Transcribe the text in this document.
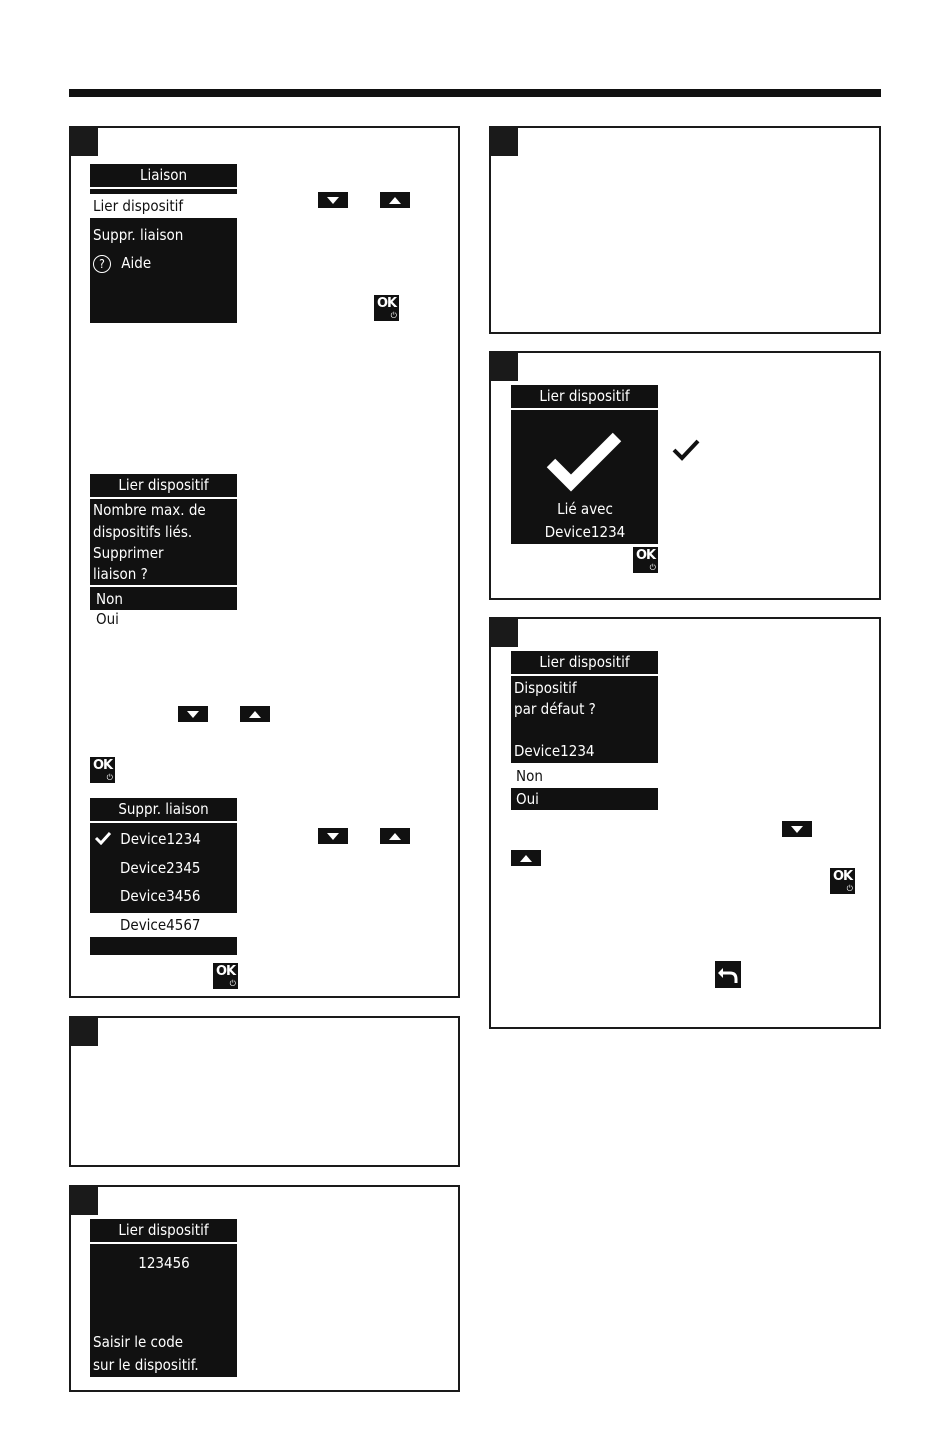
Liaison
Lier dispositif
Suppr. liaison
? Aide
OK
⏻
Lier dispositif
Nombre max. de
dispositifs liés.
Supprimer
liaison ?
Non
Oui
OK
⏻
Suppr. liaison
Device1234
Device2345
Device3456
Device4567
OK
⏻
Lier dispositif
123456
Saisir le code
sur le dispositif.
Lier dispositif
Lié avec
Device1234
OK
⏻
Lier dispositif
Dispositif
par défaut ?
Device1234
Non
Oui
OK
⏻
